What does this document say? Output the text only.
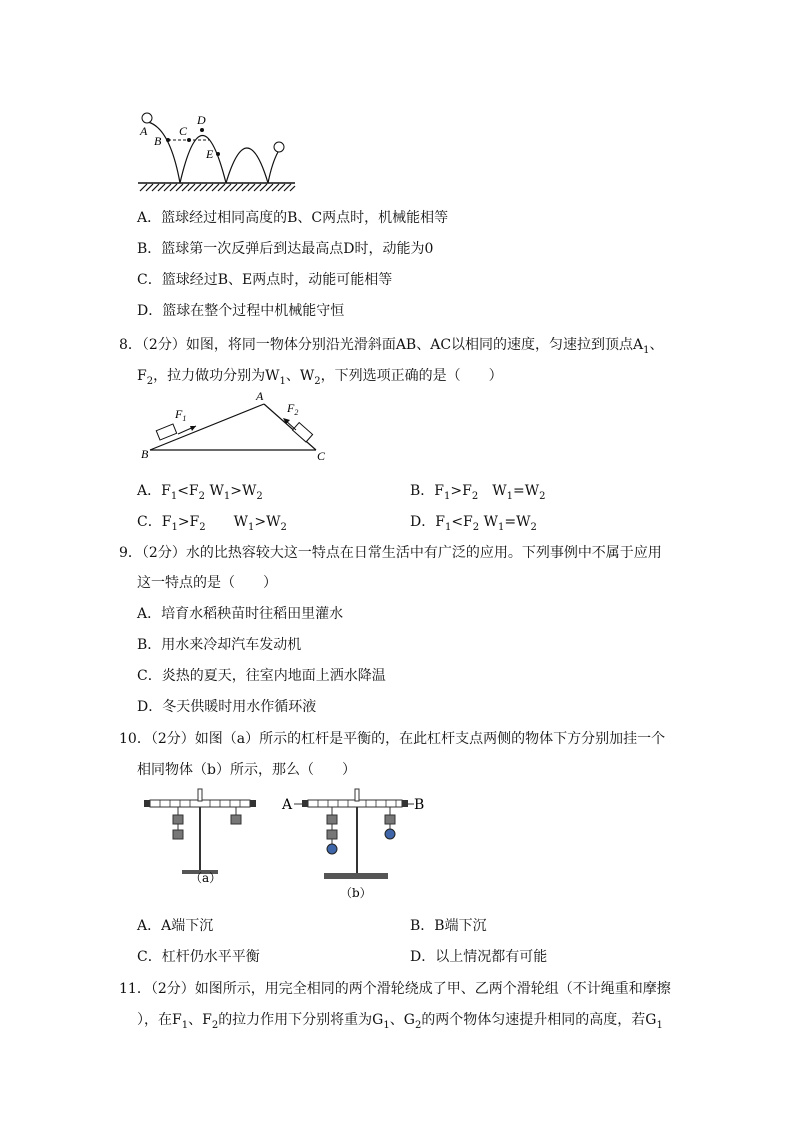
A
B
C
D
E
A．篮球经过相同高度的B、C两点时，机械能相等
B．篮球第一次反弹后到达最高点D时，动能为0
C．篮球经过B、E两点时，动能可能相等
D．篮球在整个过程中机械能守恒
8．（2分）如图，将同一物体分别沿光滑斜面AB、AC以相同的速度，匀速拉到顶点$A_1$、
$F_2$，拉力做功分别为$W_1$、$W_2$，下列选项正确的是（　　）
A
B	C
$F_1$
$F_2$
A．$F_1<F_2$ $W_1>W_2$	B．$F_1>F_2$　$W_1=W_2$
C．$F_1>F_2$　　$W_1>W_2$	D．$F_1<F_2$ $W_1=W_2$
9．（2分）水的比热容较大这一特点在日常生活中有广泛的应用。下列事例中不属于应用
这一特点的是（　　）
A．培育水稻秧苗时往稻田里灌水
B．用水来冷却汽车发动机
C．炎热的夏天，往室内地面上洒水降温
D．冬天供暖时用水作循环液
10．（2分）如图（a）所示的杠杆是平衡的，在此杠杆支点两侧的物体下方分别加挂一个
相同物体（b）所示，那么（　　）
（a）
A	B
（b）
A．A端下沉	B．B端下沉
C．杠杆仍水平平衡	D．以上情况都有可能
11．（2分）如图所示，用完全相同的两个滑轮绕成了甲、乙两个滑轮组（不计绳重和摩擦
），在$F_1$、$F_2$的拉力作用下分别将重为$G_1$、$G_2$的两个物体匀速提升相同的高度，若$G_1$
